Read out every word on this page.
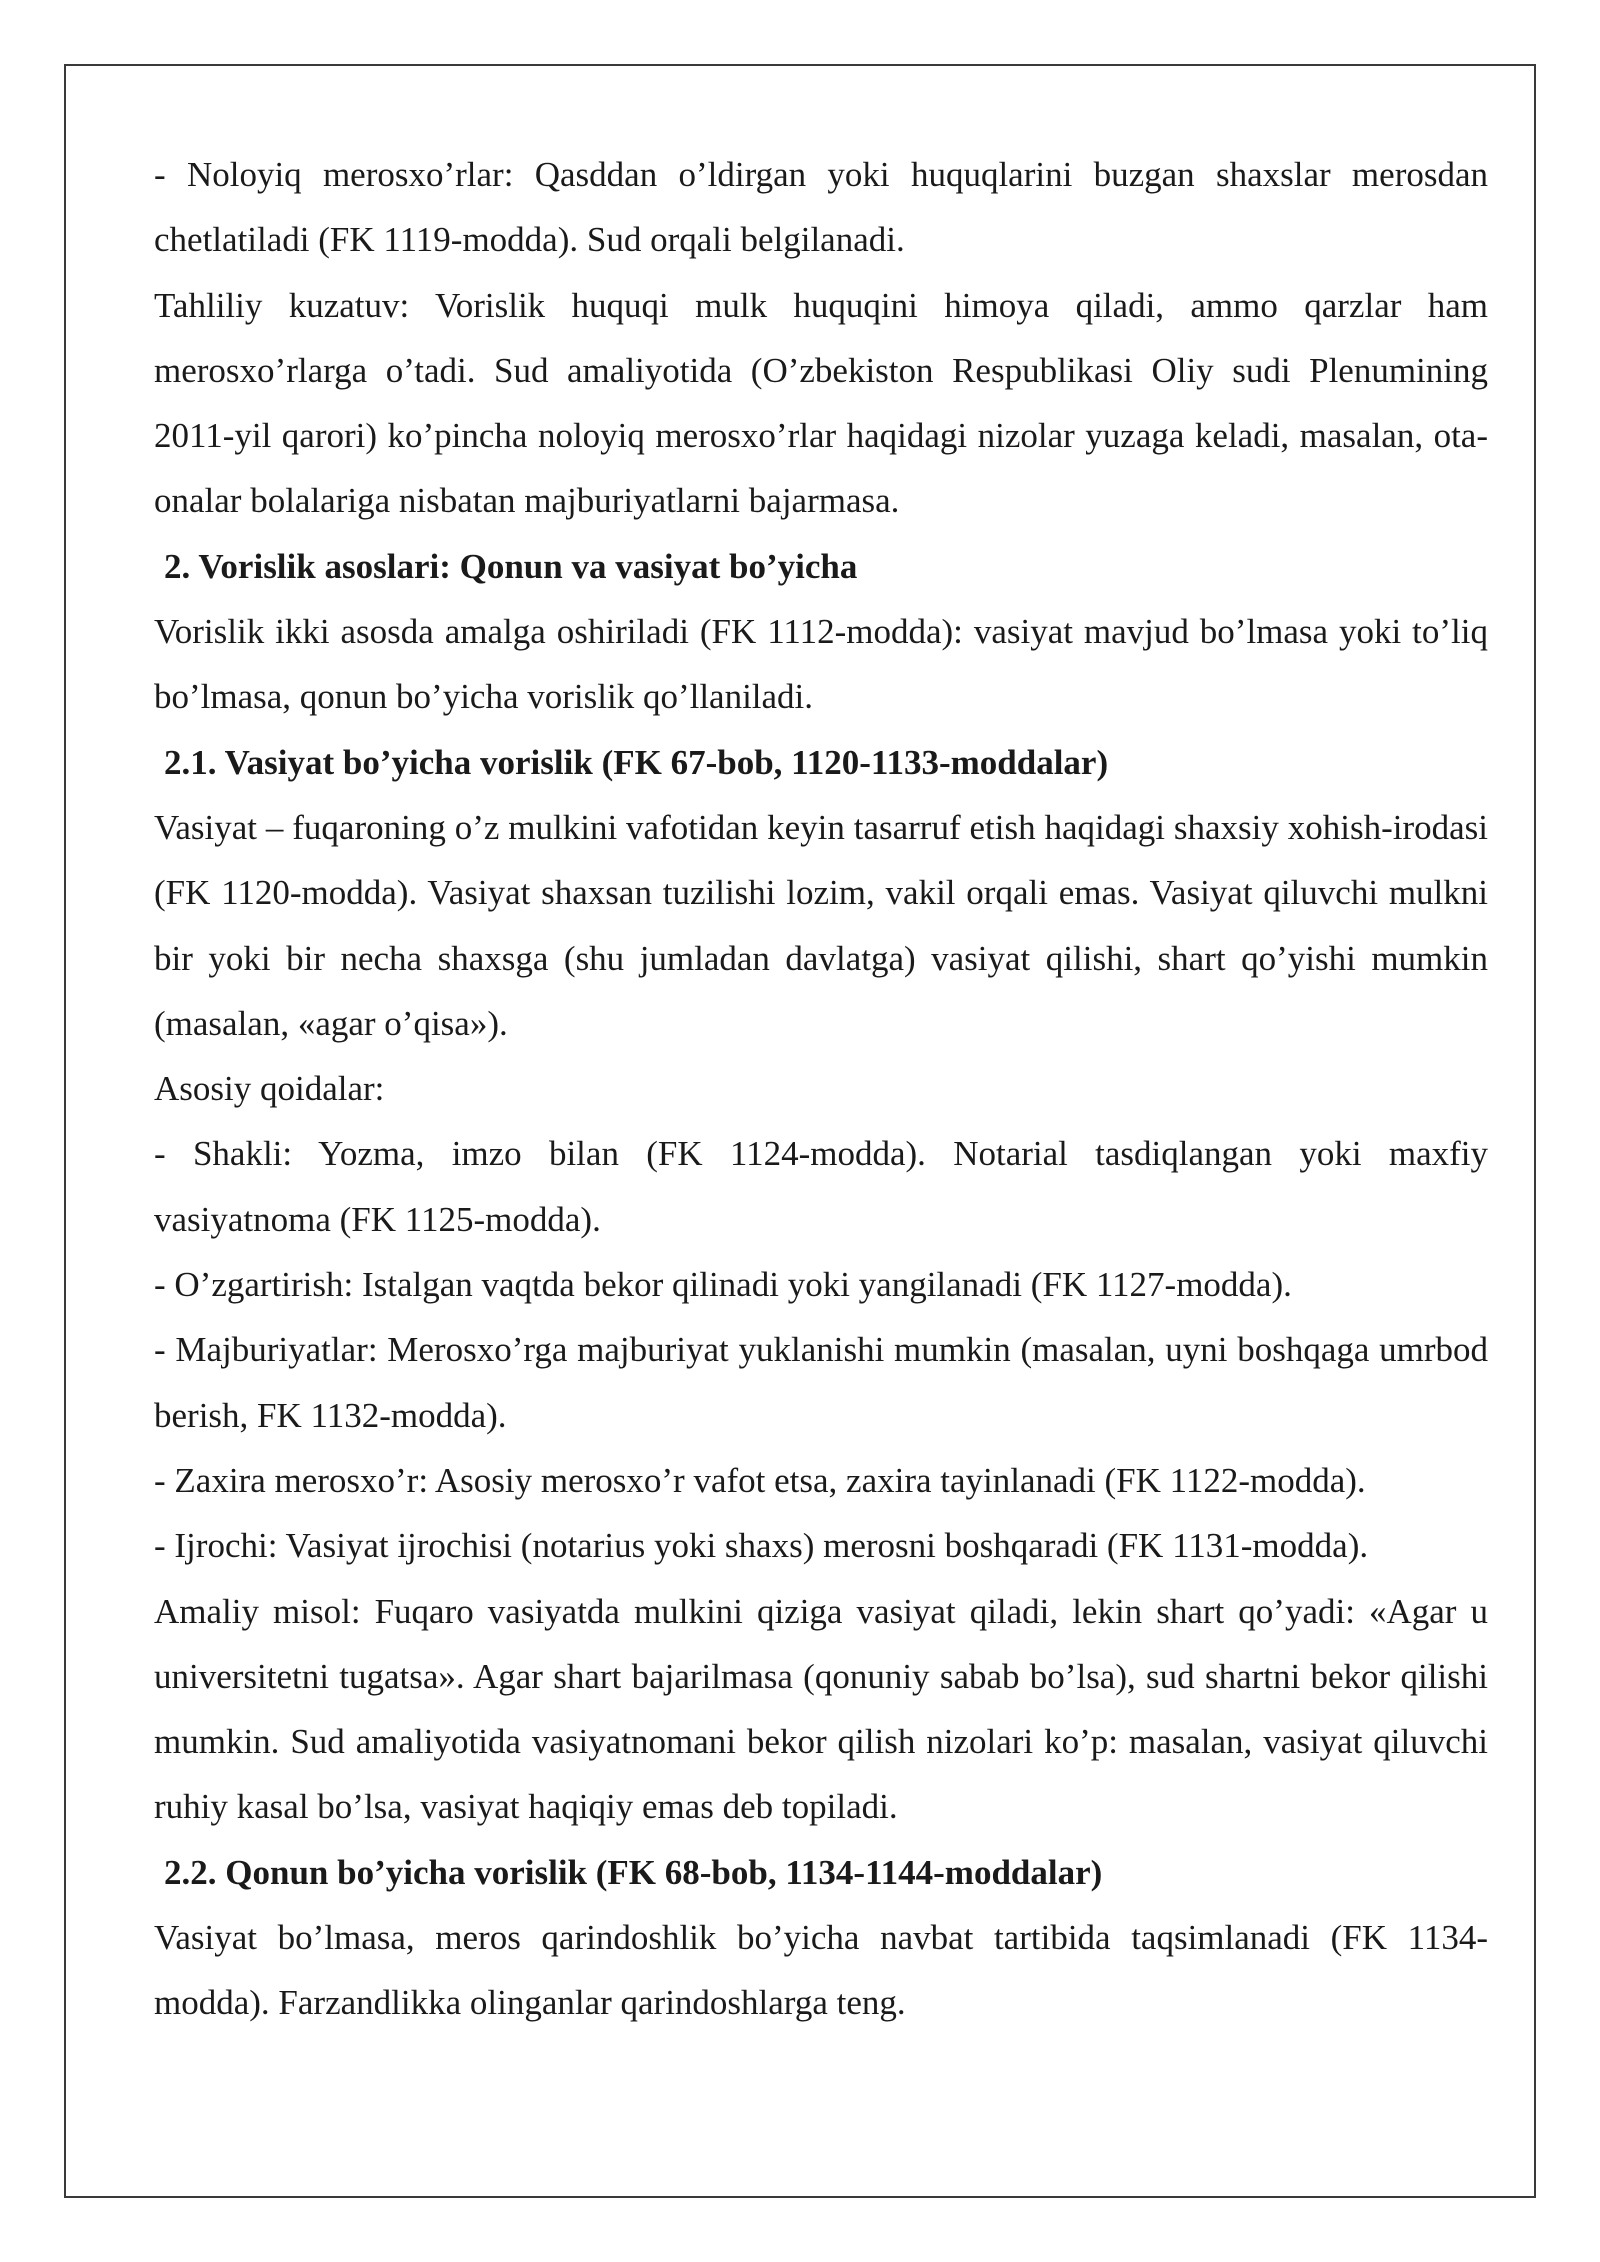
- Noloyiq merosxo’rlar: Qasddan o’ldirgan yoki huquqlarini buzgan shaxslar merosdan chetlatiladi (FK 1119-modda). Sud orqali belgilanadi.

Tahliliy kuzatuv: Vorislik huquqi mulk huquqini himoya qiladi, ammo qarzlar ham merosxo’rlarga o’tadi. Sud amaliyotida (O’zbekiston Respublikasi Oliy sudi Plenumining 2011-yil qarori) ko’pincha noloyiq merosxo’rlar haqidagi nizolar yuzaga keladi, masalan, ota-onalar bolalariga nisbatan majburiyatlarni bajarmasa.

2. Vorislik asoslari: Qonun va vasiyat bo’yicha

Vorislik ikki asosda amalga oshiriladi (FK 1112-modda): vasiyat mavjud bo’lmasa yoki to’liq bo’lmasa, qonun bo’yicha vorislik qo’llaniladi.

2.1. Vasiyat bo’yicha vorislik (FK 67-bob, 1120-1133-moddalar)

Vasiyat – fuqaroning o’z mulkini vafotidan keyin tasarruf etish haqidagi shaxsiy xohish-irodasi (FK 1120-modda). Vasiyat shaxsan tuzilishi lozim, vakil orqali emas. Vasiyat qiluvchi mulkni bir yoki bir necha shaxsga (shu jumladan davlatga) vasiyat qilishi, shart qo’yishi mumkin (masalan, «agar o’qisa»).

Asosiy qoidalar:

- Shakli: Yozma, imzo bilan (FK 1124-modda). Notarial tasdiqlangan yoki maxfiy vasiyatnoma (FK 1125-modda).

- O’zgartirish: Istalgan vaqtda bekor qilinadi yoki yangilanadi (FK 1127-modda).

- Majburiyatlar: Merosxo’rga majburiyat yuklanishi mumkin (masalan, uyni boshqaga umrbod berish, FK 1132-modda).

- Zaxira merosxo’r: Asosiy merosxo’r vafot etsa, zaxira tayinlanadi (FK 1122-modda).

- Ijrochi: Vasiyat ijrochisi (notarius yoki shaxs) merosni boshqaradi (FK 1131-modda).

Amaliy misol: Fuqaro vasiyatda mulkini qiziga vasiyat qiladi, lekin shart qo’yadi: «Agar u universitetni tugatsa». Agar shart bajarilmasa (qonuniy sabab bo’lsa), sud shartni bekor qilishi mumkin. Sud amaliyotida vasiyatnomani bekor qilish nizolari ko’p: masalan, vasiyat qiluvchi ruhiy kasal bo’lsa, vasiyat haqiqiy emas deb topiladi.

2.2. Qonun bo’yicha vorislik (FK 68-bob, 1134-1144-moddalar)

Vasiyat bo’lmasa, meros qarindoshlik bo’yicha navbat tartibida taqsimlanadi (FK 1134-modda). Farzandlikka olinganlar qarindoshlarga teng.
